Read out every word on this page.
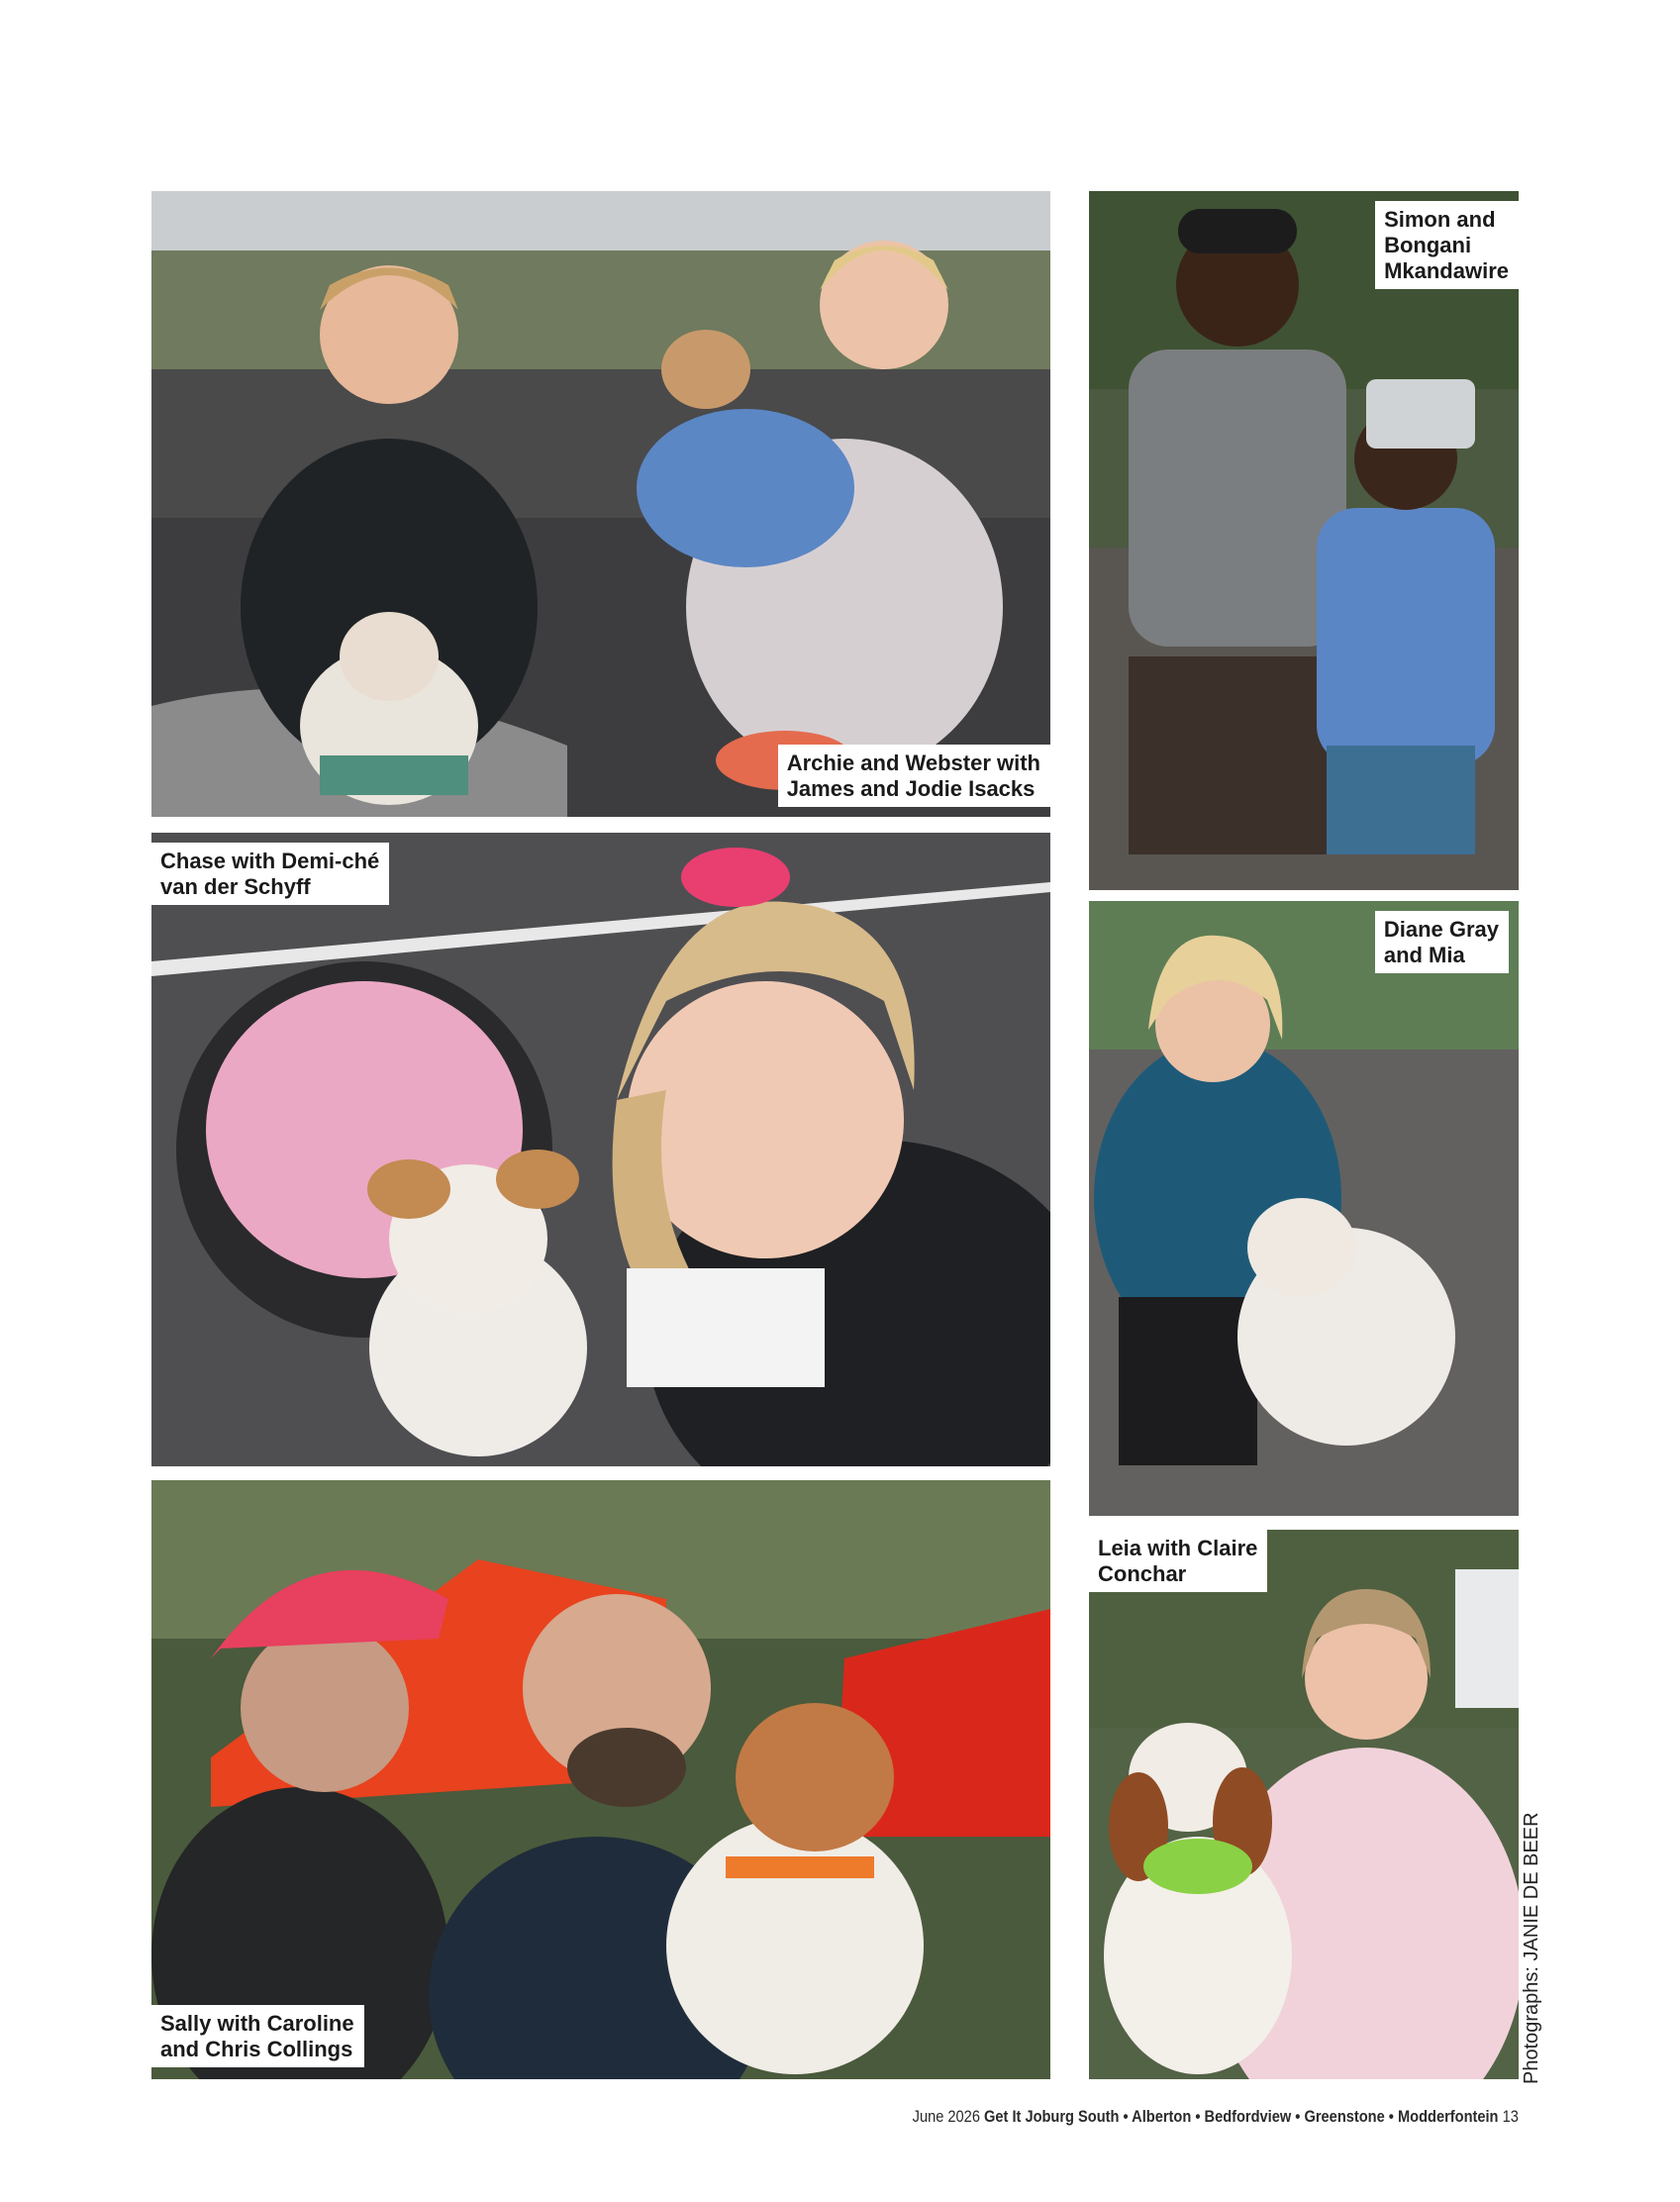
Archie and Webster with
James and Jodie Isacks
Simon and
Bongani
Mkandawire
Chase with Demi-ché
van der Schyff
Diane Gray
and Mia
Sally with Caroline
and Chris Collings
Leia with Claire
Conchar
Photographs: JANIE DE BEER
June 2026 Get It Joburg South • Alberton • Bedfordview • Greenstone • Modderfontein 13
